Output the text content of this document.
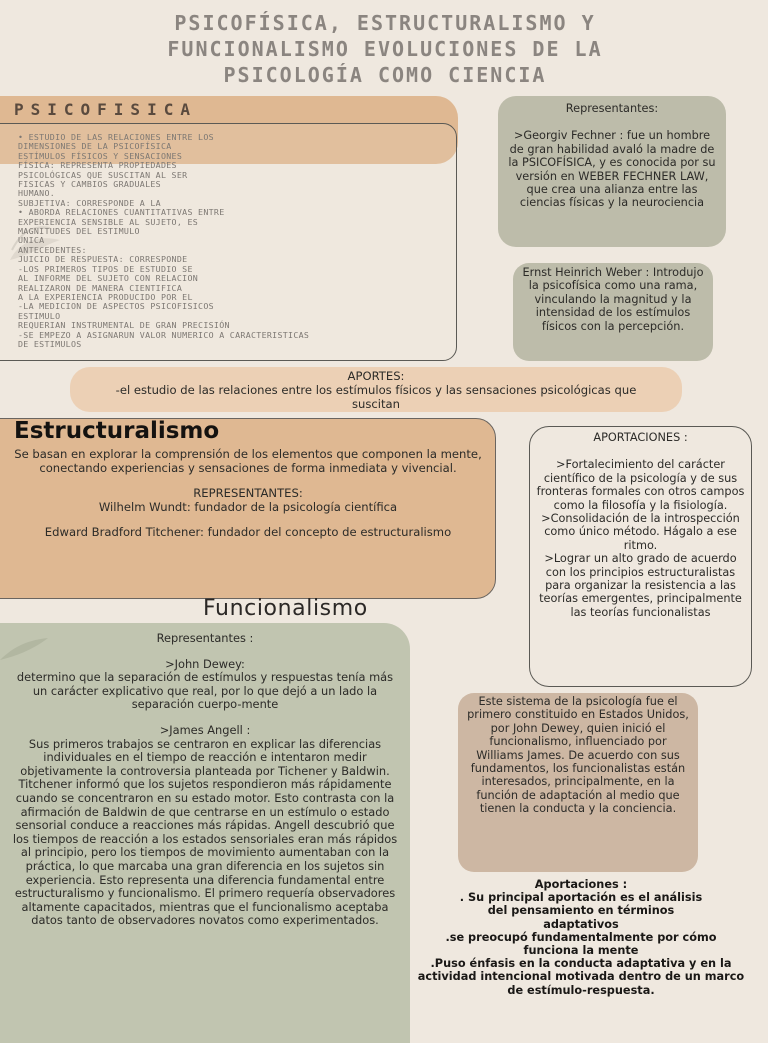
PSICOFÍSICA, ESTRUCTURALISMO Y
FUNCIONALISMO EVOLUCIONES DE LA
PSICOLOGÍA COMO CIENCIA
PSICOFISICA
• ESTUDIO DE LAS RELACIONES ENTRE LOS
DIMENSIONES DE LA PSICOFÍSICA
ESTÍMULOS FÍSICOS Y SENSACIONES
FÍSICA: REPRESENTA PROPIEDADES
PSICOLÓGICAS QUE SUSCITAN AL SER
FISICAS Y CAMBIOS GRADUALES
HUMANO.
SUBJETIVA: CORRESPONDE A LA
• ABORDA RELACIONES CUANTITATIVAS ENTRE
EXPERIENCIA SENSIBLE AL SUJETO, ES
MAGNITUDES DEL ESTIMULO
UNICA
ANTECEDENTES:
JUICIO DE RESPUESTA: CORRESPONDE
-LOS PRIMEROS TIPOS DE ESTUDIO SE
AL INFORME DEL SUJETO CON RELACION
REALIZARON DE MANERA CIENTIFICA
A LA EXPERIENCIA PRODUCIDO POR EL
-LA MEDICION DE ASPECTOS PSICOFISICOS
ESTIMULO
REQUERIAN INSTRUMENTAL DE GRAN PRECISIÓN
-SE EMPEZO A ASIGNARUN VALOR NUMERICO A CARACTERISTICAS
DE ESTIMULOS
Representantes:
>Georgiv Fechner : fue un hombre de gran habilidad avaló la madre de la PSICOFÍSICA, y es conocida por su versión en WEBER FECHNER LAW, que crea una alianza entre las ciencias físicas y la neurociencia
Ernst Heinrich Weber : Introdujo la psicofísica como una rama, vinculando la magnitud y la intensidad de los estímulos físicos con la percepción.
APORTES:
-el estudio de las relaciones entre los estímulos físicos y las sensaciones psicológicas que suscitan
Estructuralismo

Se basan en explorar la comprensión de los elementos que componen la mente, conectando experiencias y sensaciones de forma inmediata y vivencial.

REPRESENTANTES:

Wilhelm Wundt: fundador de la psicología científica

Edward Bradford Titchener: fundador del concepto de estructuralismo

APORTACIONES :
>Fortalecimiento del carácter científico de la psicología y de sus fronteras formales con otros campos como la filosofía y la fisiología.
>Consolidación de la introspección como único método. Hágalo a ese ritmo.
>Lograr un alto grado de acuerdo con los principios estructuralistas para organizar la resistencia a las teorías emergentes, principalmente las teorías funcionalistas
Funcionalismo

Representantes :

>John Dewey:

determino que la separación de estímulos y respuestas tenía más un carácter explicativo que real, por lo que dejó a un lado la separación cuerpo-mente

>James Angell :

Sus primeros trabajos se centraron en explicar las diferencias individuales en el tiempo de reacción e intentaron medir objetivamente la controversia planteada por Tichener y Baldwin. Titchener informó que los sujetos respondieron más rápidamente cuando se concentraron en su estado motor. Esto contrasta con la afirmación de Baldwin de que centrarse en un estímulo o estado sensorial conduce a reacciones más rápidas. Angell descubrió que los tiempos de reacción a los estados sensoriales eran más rápidos al principio, pero los tiempos de movimiento aumentaban con la práctica, lo que marcaba una gran diferencia en los sujetos sin experiencia. Esto representa una diferencia fundamental entre estructuralismo y funcionalismo. El primero requería observadores altamente capacitados, mientras que el funcionalismo aceptaba datos tanto de observadores novatos como experimentados.

Este sistema de la psicología fue el primero constituido en Estados Unidos, por John Dewey, quien inició el funcionalismo, influenciado por Williams James. De acuerdo con sus fundamentos, los funcionalistas están interesados, principalmente, en la función de adaptación al medio que tienen la conducta y la conciencia.
Aportaciones :
. Su principal aportación es el análisis del pensamiento en términos adaptativos
.se preocupó fundamentalmente por cómo funciona la mente
.Puso énfasis en la conducta adaptativa y en la actividad intencional motivada dentro de un marco de estímulo-respuesta.
